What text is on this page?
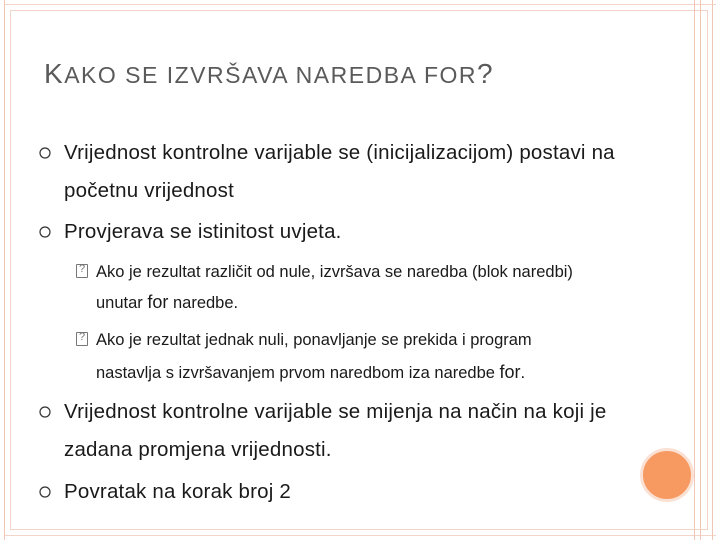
KAKO SE IZVRŠAVA NAREDBA FOR?
Vrijednost kontrolne varijable se (inicijalizacijom) postavi na
početnu vrijednost
Provjerava se istinitost uvjeta.
?
Ako je rezultat različit od nule, izvršava se naredba (blok naredbi)
unutar for naredbe.
?
Ako je rezultat jednak nuli, ponavljanje se prekida i program
nastavlja s izvršavanjem prvom naredbom iza naredbe for.
Vrijednost kontrolne varijable se mijenja na način na koji je
zadana promjena vrijednosti.
Povratak na korak broj 2
